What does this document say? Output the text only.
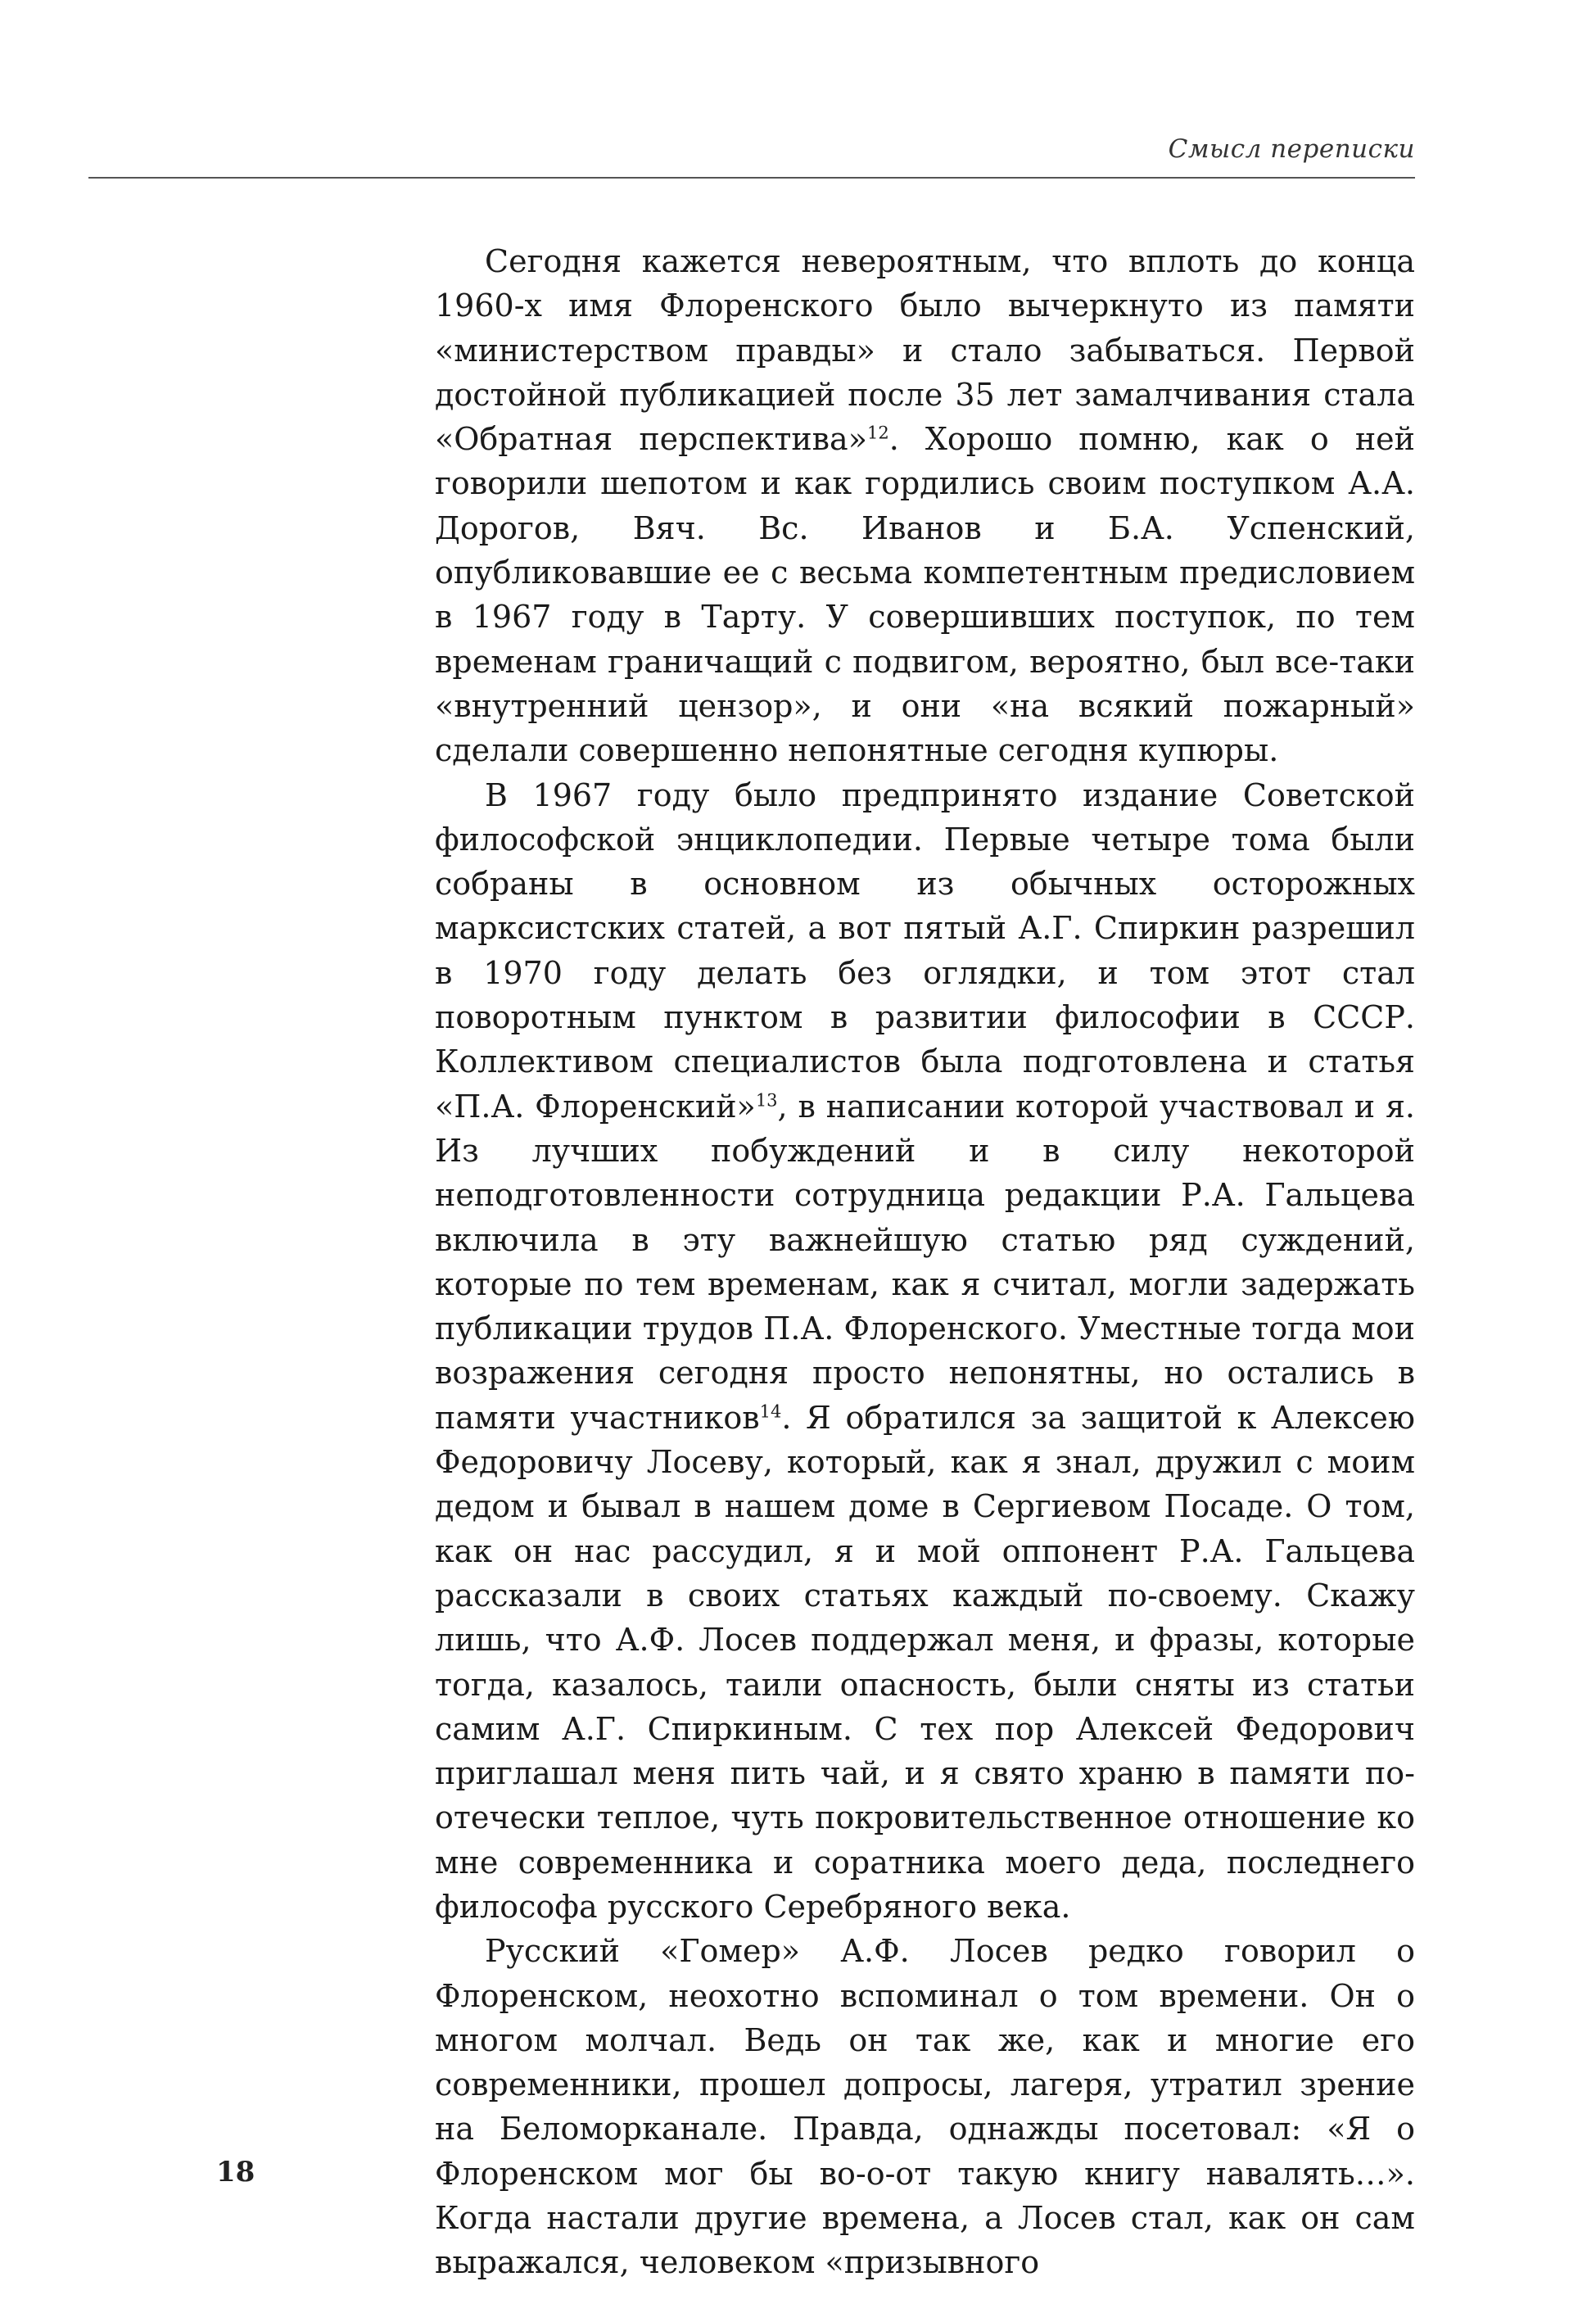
Смысл переписки

Сегодня кажется невероятным, что вплоть до конца 1960-х имя Флоренского было вычеркнуто из памяти «министерством правды» и стало забываться. Первой достойной публикацией после 35 лет замалчивания стала «Обратная перспектива»$^{12}$. Хорошо помню, как о ней говорили шепотом и как гордились своим поступком А.А. Дорогов, Вяч. Вс. Иванов и Б.А. Успенский, опубликовавшие ее с весьма компетентным предисловием в 1967 году в Тарту. У совершивших поступок, по тем временам граничащий с подвигом, вероятно, был все-таки «внутренний цензор», и они «на всякий пожарный» сделали совершенно непонятные сегодня купюры.

В 1967 году было предпринято издание Советской философской энциклопедии. Первые четыре тома были собраны в основном из обычных осторожных марксистских статей, а вот пятый А.Г. Спиркин разрешил в 1970 году делать без оглядки, и том этот стал поворотным пунктом в развитии философии в СССР. Коллективом специалистов была подготовлена и статья «П.А. Флоренский»$^{13}$, в написании которой участвовал и я. Из лучших побуждений и в силу некоторой неподготовленности сотрудница редакции Р.А. Гальцева включила в эту важнейшую статью ряд суждений, которые по тем временам, как я считал, могли задержать публикации трудов П.А. Флоренского. Уместные тогда мои возражения сегодня просто непонятны, но остались в памяти участников$^{14}$. Я обратился за защитой к Алексею Федоровичу Лосеву, который, как я знал, дружил с моим дедом и бывал в нашем доме в Сергиевом Посаде. О том, как он нас рассудил, я и мой оппонент Р.А. Гальцева рассказали в своих статьях каждый по-своему. Скажу лишь, что А.Ф. Лосев поддержал меня, и фразы, которые тогда, казалось, таили опасность, были сняты из статьи самим А.Г. Спиркиным. С тех пор Алексей Федорович приглашал меня пить чай, и я свято храню в памяти по-отечески теплое, чуть покровительственное отношение ко мне современника и соратника моего деда, последнего философа русского Серебряного века.

Русский «Гомер» А.Ф. Лосев редко говорил о Флоренском, неохотно вспоминал о том времени. Он о многом молчал. Ведь он так же, как и многие его современники, прошел допросы, лагеря, утратил зрение на Беломорканале. Правда, однажды посетовал: «Я о Флоренском мог бы во-о-от такую книгу навалять…». Когда настали другие времена, а Лосев стал, как он сам выражался, человеком «призывного

18
